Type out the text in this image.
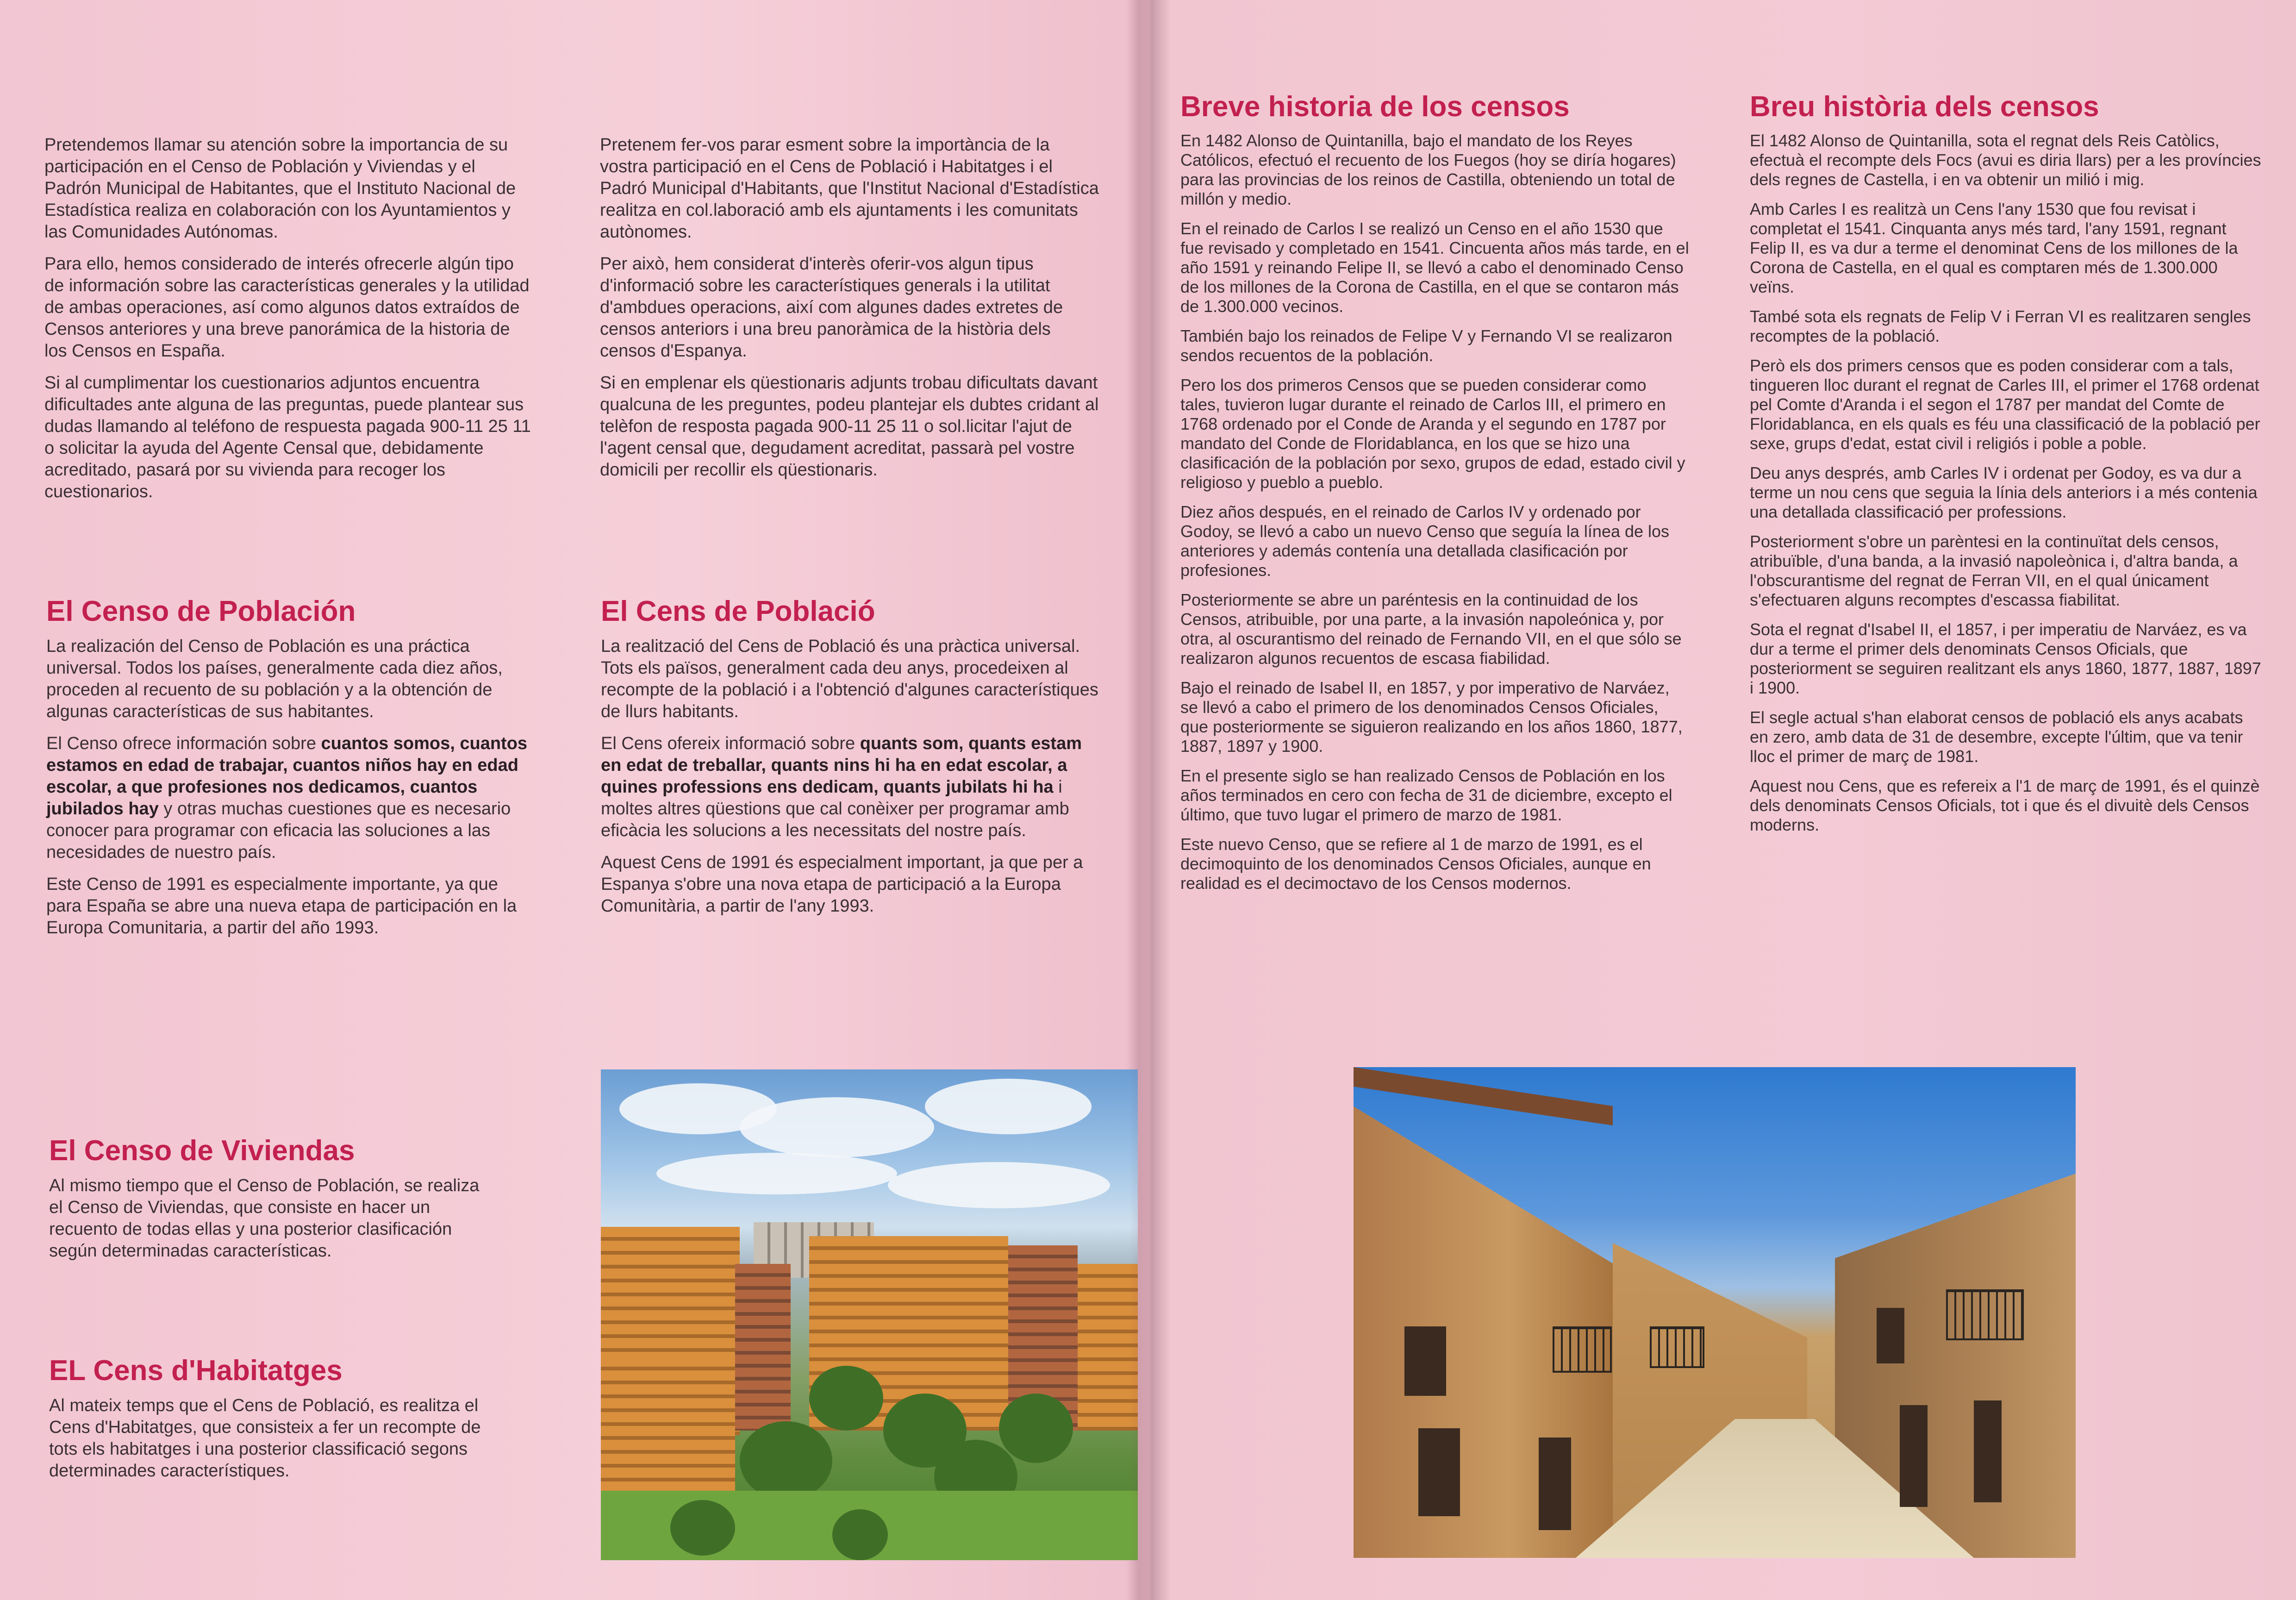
Pretendemos llamar su atención sobre la importancia de su participación en el Censo de Población y Viviendas y el Padrón Municipal de Habitantes, que el Instituto Nacional de Estadística realiza en colaboración con los Ayuntamientos y las Comunidades Autónomas.

Para ello, hemos considerado de interés ofrecerle algún tipo de información sobre las características generales y la utilidad de ambas operaciones, así como algunos datos extraídos de Censos anteriores y una breve panorámica de la historia de los Censos en España.

Si al cumplimentar los cuestionarios adjuntos encuentra dificultades ante alguna de las preguntas, puede plantear sus dudas llamando al teléfono de respuesta pagada 900-11 25 11 o solicitar la ayuda del Agente Censal que, debidamente acreditado, pasará por su vivienda para recoger los cuestionarios.

Pretenem fer-vos parar esment sobre la importància de la vostra participació en el Cens de Població i Habitatges i el Padró Municipal d'Habitants, que l'Institut Nacional d'Estadística realitza en col.laboració amb els ajuntaments i les comunitats autònomes.

Per això, hem considerat d'interès oferir-vos algun tipus d'informació sobre les característiques generals i la utilitat d'ambdues operacions, així com algunes dades extretes de censos anteriors i una breu panoràmica de la història dels censos d'Espanya.

Si en emplenar els qüestionaris adjunts trobau dificultats davant qualcuna de les preguntes, podeu plantejar els dubtes cridant al telèfon de resposta pagada 900-11 25 11 o sol.licitar l'ajut de l'agent censal que, degudament acreditat, passarà pel vostre domicili per recollir els qüestionaris.

El Censo de Población

La realización del Censo de Población es una práctica universal. Todos los países, generalmente cada diez años, proceden al recuento de su población y a la obtención de algunas características de sus habitantes.

El Censo ofrece información sobre cuantos somos, cuantos estamos en edad de trabajar, cuantos niños hay en edad escolar, a que profesiones nos dedicamos, cuantos jubilados hay y otras muchas cuestiones que es necesario conocer para programar con eficacia las soluciones a las necesidades de nuestro país.

Este Censo de 1991 es especialmente importante, ya que para España se abre una nueva etapa de participación en la Europa Comunitaria, a partir del año 1993.

El Cens de Població

La realització del Cens de Població és una pràctica universal. Tots els països, generalment cada deu anys, procedeixen al recompte de la població i a l'obtenció d'algunes característiques de llurs habitants.

El Cens ofereix informació sobre quants som, quants estam en edat de treballar, quants nins hi ha en edat escolar, a quines professions ens dedicam, quants jubilats hi ha i moltes altres qüestions que cal conèixer per programar amb eficàcia les solucions a les necessitats del nostre país.

Aquest Cens de 1991 és especialment important, ja que per a Espanya s'obre una nova etapa de participació a la Europa Comunitària, a partir de l'any 1993.

El Censo de Viviendas

Al mismo tiempo que el Censo de Población, se realiza el Censo de Viviendas, que consiste en hacer un recuento de todas ellas y una posterior clasificación según determinadas características.

EL Cens d'Habitatges

Al mateix temps que el Cens de Població, es realitza el Cens d'Habitatges, que consisteix a fer un recompte de tots els habitatges i una posterior classificació segons determinades característiques.

Breve historia de los censos

En 1482 Alonso de Quintanilla, bajo el mandato de los Reyes Católicos, efectuó el recuento de los Fuegos (hoy se diría hogares) para las provincias de los reinos de Castilla, obteniendo un total de millón y medio.

En el reinado de Carlos I se realizó un Censo en el año 1530 que fue revisado y completado en 1541. Cincuenta años más tarde, en el año 1591 y reinando Felipe II, se llevó a cabo el denominado Censo de los millones de la Corona de Castilla, en el que se contaron más de 1.300.000 vecinos.

También bajo los reinados de Felipe V y Fernando VI se realizaron sendos recuentos de la población.

Pero los dos primeros Censos que se pueden considerar como tales, tuvieron lugar durante el reinado de Carlos III, el primero en 1768 ordenado por el Conde de Aranda y el segundo en 1787 por mandato del Conde de Floridablanca, en los que se hizo una clasificación de la población por sexo, grupos de edad, estado civil y religioso y pueblo a pueblo.

Diez años después, en el reinado de Carlos IV y ordenado por Godoy, se llevó a cabo un nuevo Censo que seguía la línea de los anteriores y además contenía una detallada clasificación por profesiones.

Posteriormente se abre un paréntesis en la continuidad de los Censos, atribuible, por una parte, a la invasión napoleónica y, por otra, al oscurantismo del reinado de Fernando VII, en el que sólo se realizaron algunos recuentos de escasa fiabilidad.

Bajo el reinado de Isabel II, en 1857, y por imperativo de Narváez, se llevó a cabo el primero de los denominados Censos Oficiales, que posteriormente se siguieron realizando en los años 1860, 1877, 1887, 1897 y 1900.

En el presente siglo se han realizado Censos de Población en los años terminados en cero con fecha de 31 de diciembre, excepto el último, que tuvo lugar el primero de marzo de 1981.

Este nuevo Censo, que se refiere al 1 de marzo de 1991, es el decimoquinto de los denominados Censos Oficiales, aunque en realidad es el decimoctavo de los Censos modernos.

Breu història dels censos

El 1482 Alonso de Quintanilla, sota el regnat dels Reis Catòlics, efectuà el recompte dels Focs (avui es diria llars) per a les províncies dels regnes de Castella, i en va obtenir un milió i mig.

Amb Carles I es realitzà un Cens l'any 1530 que fou revisat i completat el 1541. Cinquanta anys més tard, l'any 1591, regnant Felip II, es va dur a terme el denominat Cens de los millones de la Corona de Castella, en el qual es comptaren més de 1.300.000 veïns.

També sota els regnats de Felip V i Ferran VI es realitzaren sengles recomptes de la població.

Però els dos primers censos que es poden considerar com a tals, tingueren lloc durant el regnat de Carles III, el primer el 1768 ordenat pel Comte d'Aranda i el segon el 1787 per mandat del Comte de Floridablanca, en els quals es féu una classificació de la població per sexe, grups d'edat, estat civil i religiós i poble a poble.

Deu anys després, amb Carles IV i ordenat per Godoy, es va dur a terme un nou cens que seguia la línia dels anteriors i a més contenia una detallada classificació per professions.

Posteriorment s'obre un parèntesi en la continuïtat dels censos, atribuïble, d'una banda, a la invasió napoleònica i, d'altra banda, a l'obscurantisme del regnat de Ferran VII, en el qual únicament s'efectuaren alguns recomptes d'escassa fiabilitat.

Sota el regnat d'Isabel II, el 1857, i per imperatiu de Narváez, es va dur a terme el primer dels denominats Censos Oficials, que posteriorment se seguiren realitzant els anys 1860, 1877, 1887, 1897 i 1900.

El segle actual s'han elaborat censos de població els anys acabats en zero, amb data de 31 de desembre, excepte l'últim, que va tenir lloc el primer de març de 1981.

Aquest nou Cens, que es refereix a l'1 de març de 1991, és el quinzè dels denominats Censos Oficials, tot i que és el divuitè dels Censos moderns.
